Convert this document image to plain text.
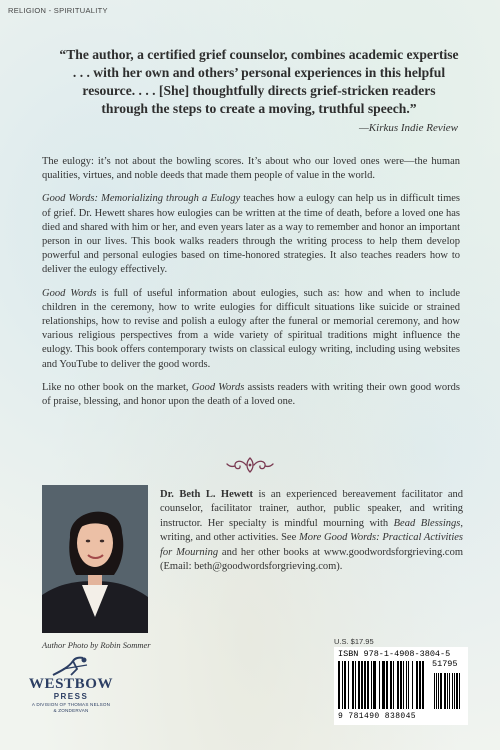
RELIGION - SPIRITUALITY
“The author, a certified grief counselor, combines academic expertise . . . with her own and others’ personal experiences in this helpful resource. . . . [She] thoughtfully directs grief-stricken readers through the steps to create a moving, truthful speech.”
—Kirkus Indie Review

The eulogy: it’s not about the bowling scores. It’s about who our loved ones were—the human qualities, virtues, and noble deeds that made them people of value in the world.

Good Words: Memorializing through a Eulogy teaches how a eulogy can help us in difficult times of grief. Dr. Hewett shares how eulogies can be written at the time of death, before a loved one has died and shared with him or her, and even years later as a way to remember and honor an important person in our lives. This book walks readers through the writing process to help them develop powerful and personal eulogies based on time-honored strategies. It also teaches readers how to deliver the eulogy effectively.

Good Words is full of useful information about eulogies, such as: how and when to include children in the ceremony, how to write eulogies for difficult situations like suicide or strained relationships, how to revise and polish a eulogy after the funeral or memorial ceremony, and how various religious perspectives from a wide variety of spiritual traditions might influence the eulogy. This book offers contemporary twists on classical eulogy writing, including using websites and YouTube to deliver the good words.

Like no other book on the market, Good Words assists readers with writing their own good words of praise, blessing, and honor upon the death of a loved one.

Author Photo by Robin Sommer
Dr. Beth L. Hewett is an experienced bereavement facilitator and counselor, facilitator trainer, author, public speaker, and writing instructor. Her specialty is mindful mourning with Bead Blessings, writing, and other activities. See More Good Words: Practical Activities for Mourning and her other books at www.goodwordsforgrieving.com (Email: beth@goodwordsforgrieving.com).
U.S. $17.95
ISBN 978-1-4908-3804-5
51795
9 781490 838045
WESTBOW
PRESS
A DIVISION OF THOMAS NELSON
& ZONDERVAN
